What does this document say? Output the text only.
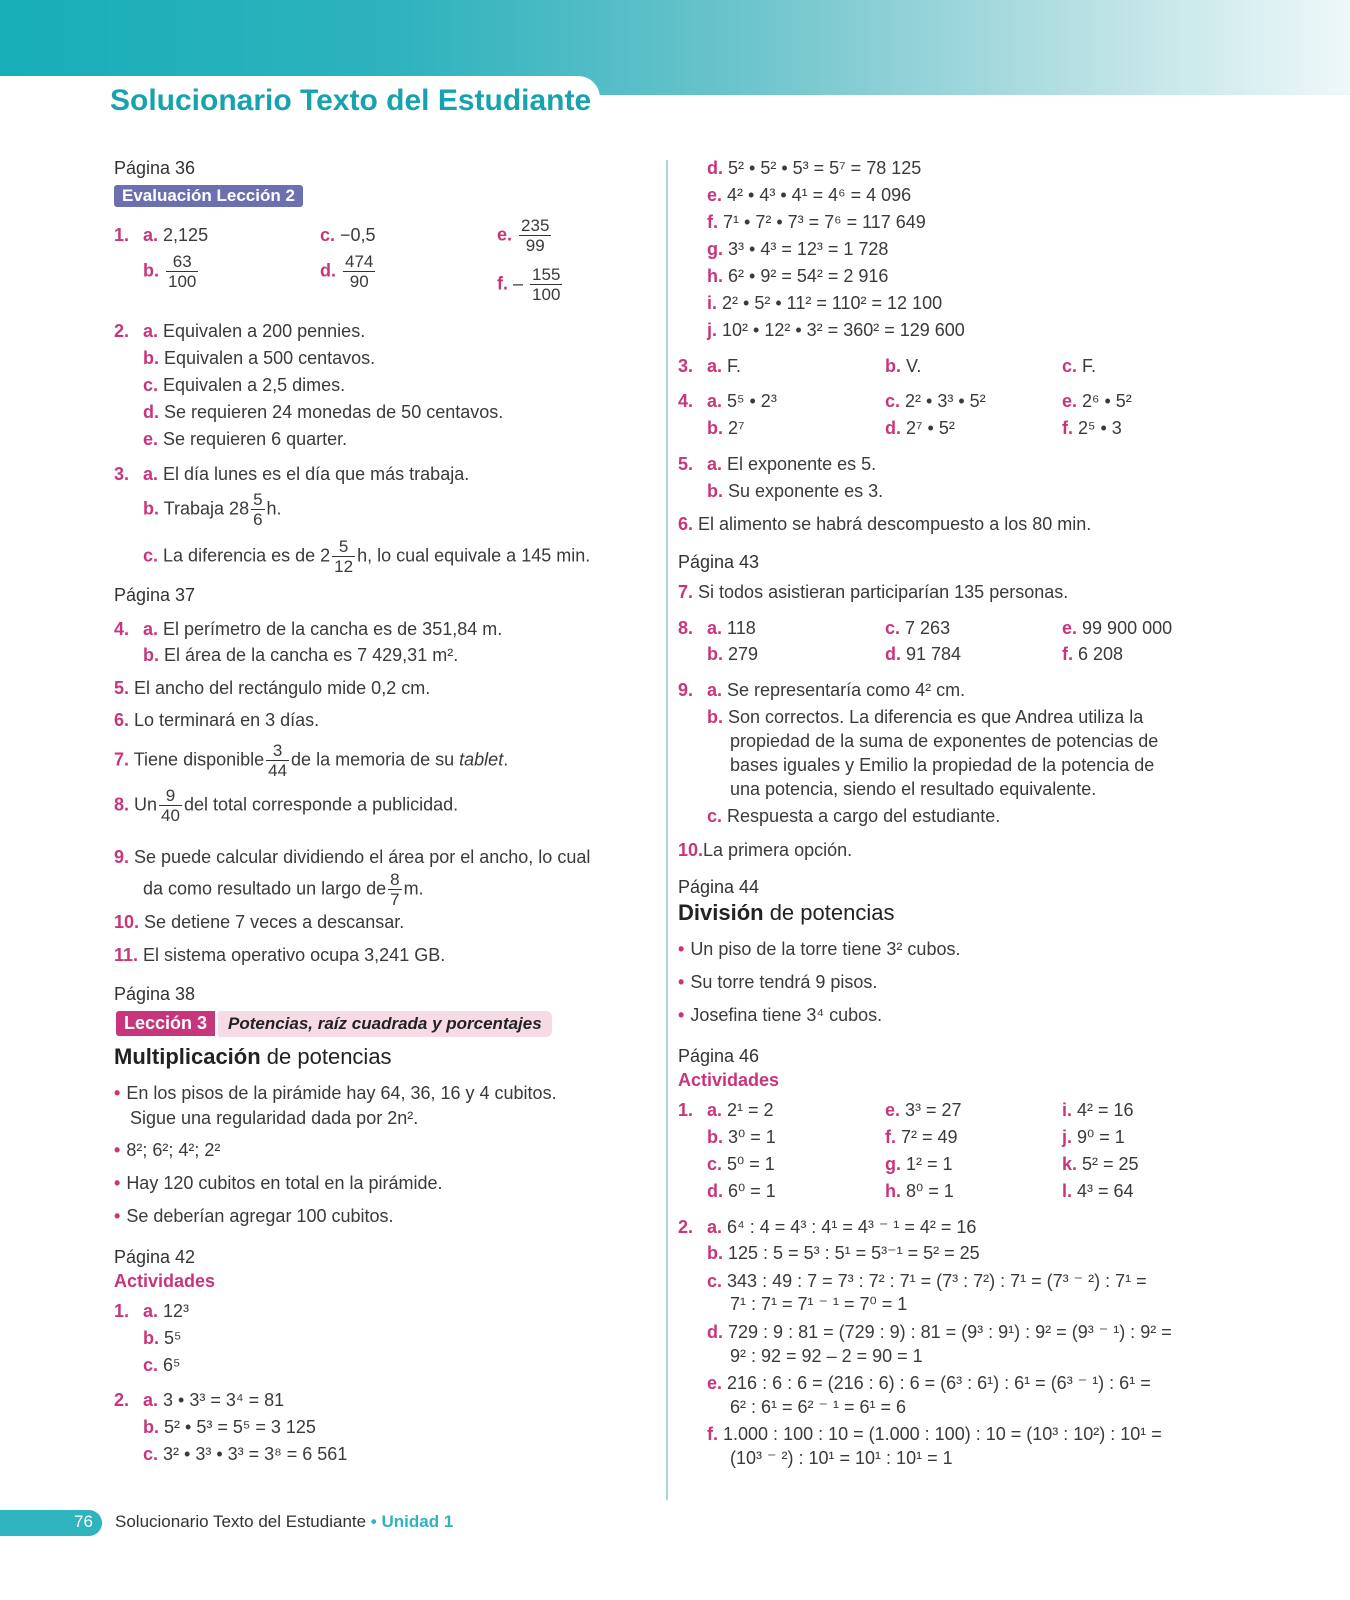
Solucionario Texto del Estudiante
Página 36
Evaluación Lección 2
1. a. 2,125
b. $\frac{63}{100}$
c. −0,5
d. $\frac{474}{90}$
e. $\frac{235}{99}$
f. – $\frac{155}{100}$
2. a. Equivalen a 200 pennies.
b. Equivalen a 500 centavos.
c. Equivalen a 2,5 dimes.
d. Se requieren 24 monedas de 50 centavos.
e. Se requieren 6 quarter.
3. a. El día lunes es el día que más trabaja.
b. Trabaja $28 \frac{5}{6} h$.
c. La diferencia es de $2 \frac{5}{12} h$, lo cual equivale a 145 min.
Página 37
4. a. El perímetro de la cancha es de 351,84 m.
b. El área de la cancha es 7 429,31 m².
5. El ancho del rectángulo mide 0,2 cm.
6. Lo terminará en 3 días.
7. Tiene disponible $\frac{3}{44}$ de la memoria de su tablet.
8. Un $\frac{9}{40}$ del total corresponde a publicidad.
9. Se puede calcular dividiendo el área por el ancho, lo cual
da como resultado un largo de $\frac{8}{7} m$.
10. Se detiene 7 veces a descansar.
11. El sistema operativo ocupa 3,241 GB.
Página 38
Lección 3	Potencias, raíz cuadrada y porcentajes
Multiplicación de potencias
• En los pisos de la pirámide hay 64, 36, 16 y 4 cubitos.
Sigue una regularidad dada por 2n².
• 8²; 6²; 4²; 2²
• Hay 120 cubitos en total en la pirámide.
• Se deberían agregar 100 cubitos.
Página 42
Actividades
1. a. 12³
b. 5⁵
c. 6⁵
2. a. 3 • 3³ = 3⁴ = 81
b. 5² • 5³ = 5⁵ = 3 125
c. 3² • 3³ • 3³ = 3⁸ = 6 561
d. 5² • 5² • 5³ = 5⁷ = 78 125
e. 4² • 4³ • 4¹ = 4⁶ = 4 096
f. 7¹ • 7² • 7³ = 7⁶ = 117 649
g. 3³ • 4³ = 12³ = 1 728
h. 6² • 9² = 54² = 2 916
i. 2² • 5² • 11² = 110² = 12 100
j. 10² • 12² • 3² = 360² = 129 600
3. a. F.	b. V.	c. F.
4. a. 5⁵ • 2³
b. 2⁷
c. 2² • 3³ • 5²
d. 2⁷ • 5²
e. 2⁶ • 5²
f. 2⁵ • 3
5. a. El exponente es 5.
b. Su exponente es 3.
6. El alimento se habrá descompuesto a los 80 min.
Página 43
7. Si todos asistieran participarían 135 personas.
8. a. 118
b. 279
c. 7 263
d. 91 784
e. 99 900 000
f. 6 208
9. a. Se representaría como 4² cm.
b. Son correctos. La diferencia es que Andrea utiliza la
propiedad de la suma de exponentes de potencias de
bases iguales y Emilio la propiedad de la potencia de
una potencia, siendo el resultado equivalente.
c. Respuesta a cargo del estudiante.
10.La primera opción.
Página 44
División de potencias
• Un piso de la torre tiene 3² cubos.
• Su torre tendrá 9 pisos.
• Josefina tiene 3⁴ cubos.
Página 46
Actividades
1. a. 2¹ = 2
b. 3⁰ = 1
c. 5⁰ = 1
d. 6⁰ = 1
e. 3³ = 27
f. 7² = 49
g. 1² = 1
h. 8⁰ = 1
i. 4² = 16
j. 9⁰ = 1
k. 5² = 25
l. 4³ = 64
2. a. 6⁴ : 4 = 4³ : 4¹ = 4³ ⁻ ¹ = 4² = 16
b. 125 : 5 = 5³ : 5¹ = 5³⁻¹ = 5² = 25
c. 343 : 49 : 7 = 7³ : 7² : 7¹ = (7³ : 7²) : 7¹ = (7³ ⁻ ²) : 7¹ =
7¹ : 7¹ = 7¹ ⁻ ¹ = 7⁰ = 1
d. 729 : 9 : 81 = (729 : 9) : 81 = (9³ : 9¹) : 9² = (9³ ⁻ ¹) : 9² =
9² : 92 = 92 – 2 = 90 = 1
e. 216 : 6 : 6 = (216 : 6) : 6 = (6³ : 6¹) : 6¹ = (6³ ⁻ ¹) : 6¹ =
6² : 6¹ = 6² ⁻ ¹ = 6¹ = 6
f. 1.000 : 100 : 10 = (1.000 : 100) : 10 = (10³ : 10²) : 10¹ =
(10³ ⁻ ²) : 10¹ = 10¹ : 10¹ = 1
76 Solucionario Texto del Estudiante • Unidad 1
